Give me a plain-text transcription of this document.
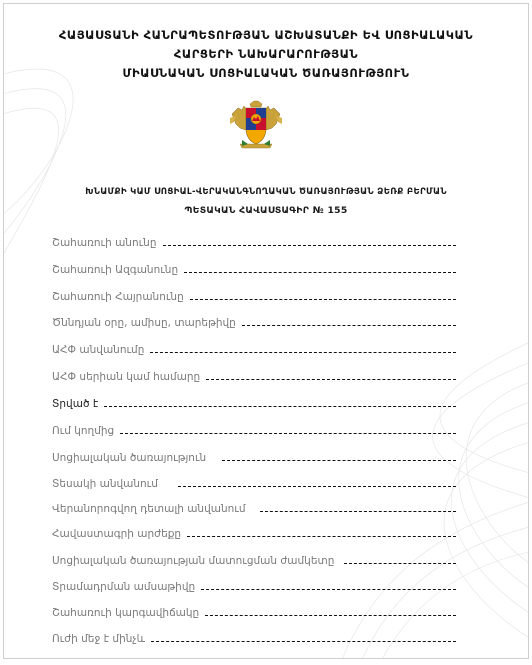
ՀԱՅԱՍՏԱՆԻ ՀԱՆՐԱՊԵՏՈՒԹՅԱՆ ԱՇԽԱՏԱՆՔԻ ԵՎ ՍՈՑԻԱԼԱԿԱՆ
ՀԱՐՑԵՐԻ ՆԱԽԱՐԱՐՈՒԹՅԱՆ
ՄԻԱՍՆԱԿԱՆ ՍՈՑԻԱԼԱԿԱՆ ԾԱՌԱՅՈՒԹՅՈՒՆ
ԽՆԱՄՔԻ ԿԱՄ ՍՈՑԻԱԼ-ՎԵՐԱԿԱՆԳՆՈՂԱԿԱՆ ԾԱՌԱՅՈՒԹՅԱՆ ՁԵՌՔ ԲԵՐՄԱՆ
ՊԵՏԱԿԱՆ ՀԱՎԱՍՏԱԳԻՐ № 155
Շահառուի անունը
Շահառուի Ազգանունը
Շահառուի Հայրանունը
Ծննդյան օրը, ամիսը, տարեթիվը
ԱՀՓ անվանումը
ԱՀՓ սերիան կամ համարը
Տրված է
Ում կողմից
Սոցիալական ծառայություն
Տեսակի անվանում
Վերանորոգվող դետալի անվանում
Հավաստագրի արժեքը
Սոցիալական ծառայության մատուցման ժամկետը
Տրամադրման ամսաթիվը
Շահառուի կարգավիճակը
Ուժի մեջ է մինչև
